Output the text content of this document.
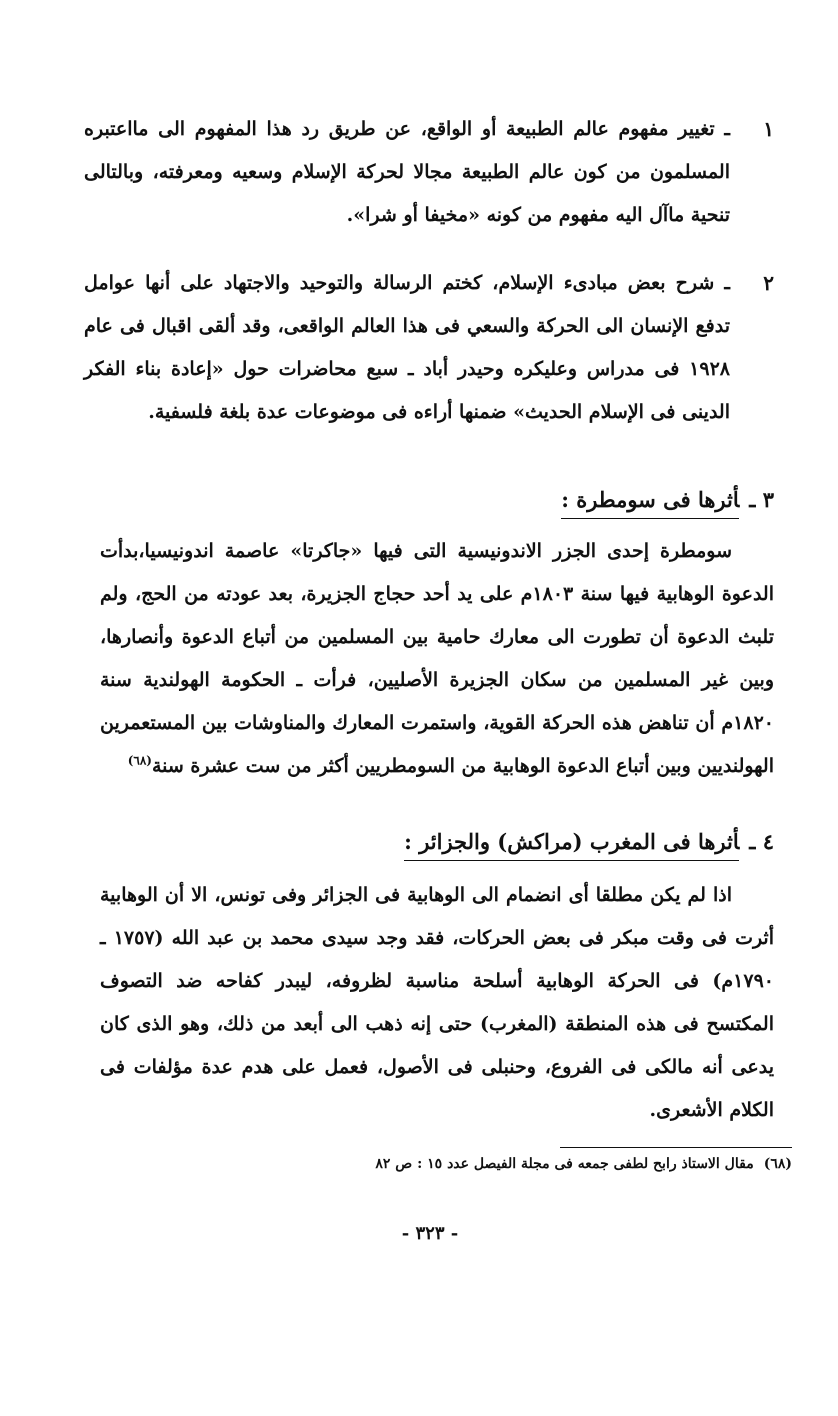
١
ـ تغيير مفهوم عالم الطبيعة أو الواقع، عن طريق رد هذا المفهوم الى مااعتبره المسلمون من كون عالم الطبيعة مجالا لحركة الإسلام وسعيه ومعرفته، وبالتالى تنحية ماآل اليه مفهوم من كونه «مخيفا أو شرا».
٢
ـ شرح بعض مبادىء الإسلام، كختم الرسالة والتوحيد والاجتهاد على أنها عوامل تدفع الإنسان الى الحركة والسعي فى هذا العالم الواقعى، وقد ألقى اقبال فى عام ١٩٢٨ فى مدراس وعليكره وحيدر أباد ـ سبع محاضرات حول «إعادة بناء الفكر الدينى فى الإسلام الحديث» ضمنها أراءه فى موضوعات عدة بلغة فلسفية.
٣ ـأثرها فى سومطرة :
سومطرة إحدى الجزر الاندونيسية التى فيها «جاكرتا» عاصمة اندونيسيا،بدأت الدعوة الوهابية فيها سنة ١٨٠٣م على يد أحد حجاج الجزيرة، بعد عودته من الحج، ولم تلبث الدعوة أن تطورت الى معارك حامية بين المسلمين من أتباع الدعوة وأنصارها، وبين غير المسلمين من سكان الجزيرة الأصليين، فرأت ـ الحكومة الهولندية سنة ١٨٢٠م أن تناهض هذه الحركة القوية، واستمرت المعارك والمناوشات بين المستعمرين الهولنديين وبين أتباع الدعوة الوهابية من السومطريين أكثر من ست عشرة سنة$^{(٦٨)}$
٤ ـأثرها فى المغرب (مراكش) والجزائر :
اذا لم يكن مطلقا أى انضمام الى الوهابية فى الجزائر وفى تونس، الا أن الوهابية أثرت فى وقت مبكر فى بعض الحركات، فقد وجد سيدى محمد بن عبد الله (١٧٥٧ ـ ١٧٩٠م) فى الحركة الوهابية أسلحة مناسبة لظروفه، ليبدر كفاحه ضد التصوف المكتسح فى هذه المنطقة (المغرب) حتى إنه ذهب الى أبعد من ذلك، وهو الذى كان يدعى أنه مالكى فى الفروع، وحنبلى فى الأصول، فعمل على هدم عدة مؤلفات فى الكلام الأشعرى.
(٦٨)مقال الاستاذ رابح لطفى جمعه فى مجلة الفيصل عدد ١٥ : ص ٨٢
- ٣٢٣ -
